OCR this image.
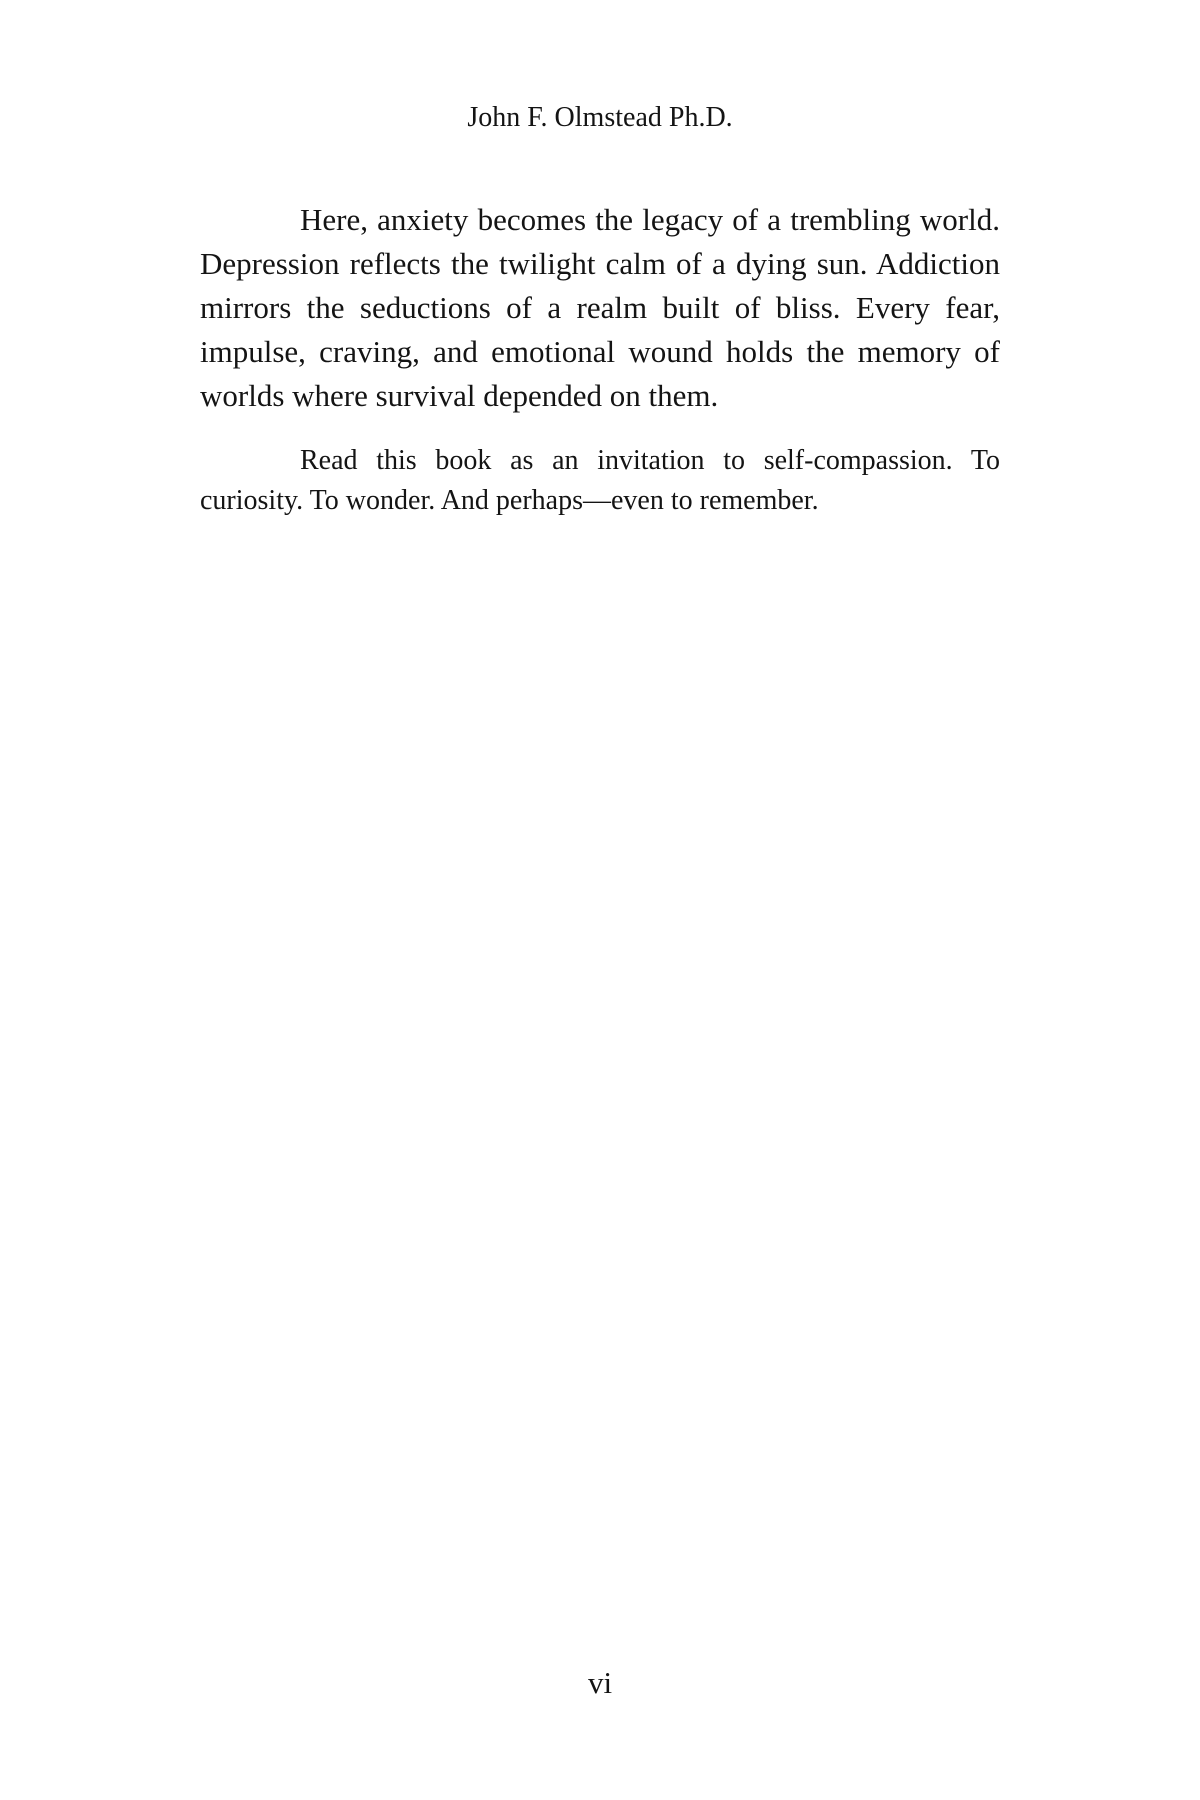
John F. Olmstead Ph.D.

Here, anxiety becomes the legacy of a trembling world. Depression reflects the twilight calm of a dying sun. Addiction mirrors the seductions of a realm built of bliss. Every fear, impulse, craving, and emotional wound holds the memory of worlds where survival depended on them.

Read this book as an invitation to self-compassion. To curiosity. To wonder. And perhaps—even to remember.

vi
